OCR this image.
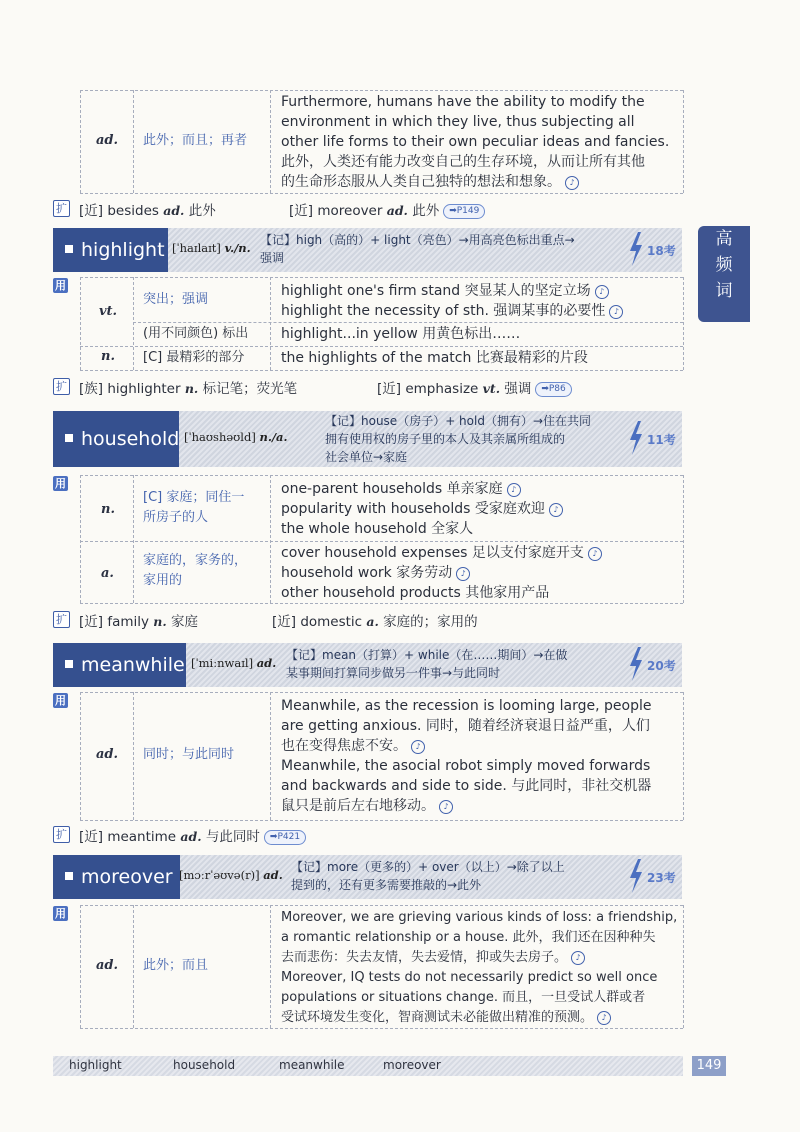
高
频
词
ad. 此外；而且；再者
Furthermore, humans have the ability to modify the
environment in which they live, thus subjecting all
other life forms to their own peculiar ideas and fancies.
此外，人类还有能力改变自己的生存环境，从而让所有其他
的生命形态服从人类自己独特的想法和想象。 ♪
扩 [近] besides ad. 此外	[近] moreover ad. 此外 ➡P149
highlight [ˈhaɪlaɪt] v./n.
【记】high（高的）+ light（亮色）→用高亮色标出重点→
强调	18考
用
vt.
突出；强调
highlight one's firm stand 突显某人的坚定立场 ♪
highlight the necessity of sth. 强调某事的必要性 ♪
(用不同颜色) 标出 highlight...in yellow 用黄色标出……
n. [C] 最精彩的部分	the highlights of the match 比赛最精彩的片段
扩 [族] highlighter n. 标记笔；荧光笔	[近] emphasize vt. 强调 ➡P86
household [ˈhaʊshəʊld] n./a.
【记】house（房子）+ hold（拥有）→住在共同
拥有使用权的房子里的本人及其亲属所组成的
社会单位→家庭
11考
用
n.
[C] 家庭；同住一
所房子的人
one-parent households 单亲家庭 ♪
popularity with households 受家庭欢迎 ♪
the whole household 全家人
a.
家庭的，家务的，
家用的
cover household expenses 足以支付家庭开支 ♪
household work 家务劳动 ♪
other household products 其他家用产品
扩 [近] family n. 家庭	[近] domestic a. 家庭的；家用的
meanwhile [ˈmiːnwaɪl] ad.
【记】mean（打算）+ while（在……期间）→在做
某事期间打算同步做另一件事→与此同时	20考
用
ad. 同时；与此同时
Meanwhile, as the recession is looming large, people
are getting anxious. 同时，随着经济衰退日益严重，人们
也在变得焦虑不安。 ♪
Meanwhile, the asocial robot simply moved forwards
and backwards and side to side. 与此同时，非社交机器
鼠只是前后左右地移动。 ♪
扩 [近] meantime ad. 与此同时 ➡P421
moreover [mɔːrˈəʊvə(r)] ad.
【记】more（更多的）+ over（以上）→除了以上
提到的，还有更多需要推敲的→此外	23考
用
ad. 此外；而且
Moreover, we are grieving various kinds of loss: a friendship,
a romantic relationship or a house. 此外，我们还在因种种失
去而悲伤：失去友情，失去爱情，抑或失去房子。 ♪
Moreover, IQ tests do not necessarily predict so well once
populations or situations change. 而且，一旦受试人群或者
受试环境发生变化，智商测试未必能做出精准的预测。 ♪
highlight	household	meanwhile	moreover	149
